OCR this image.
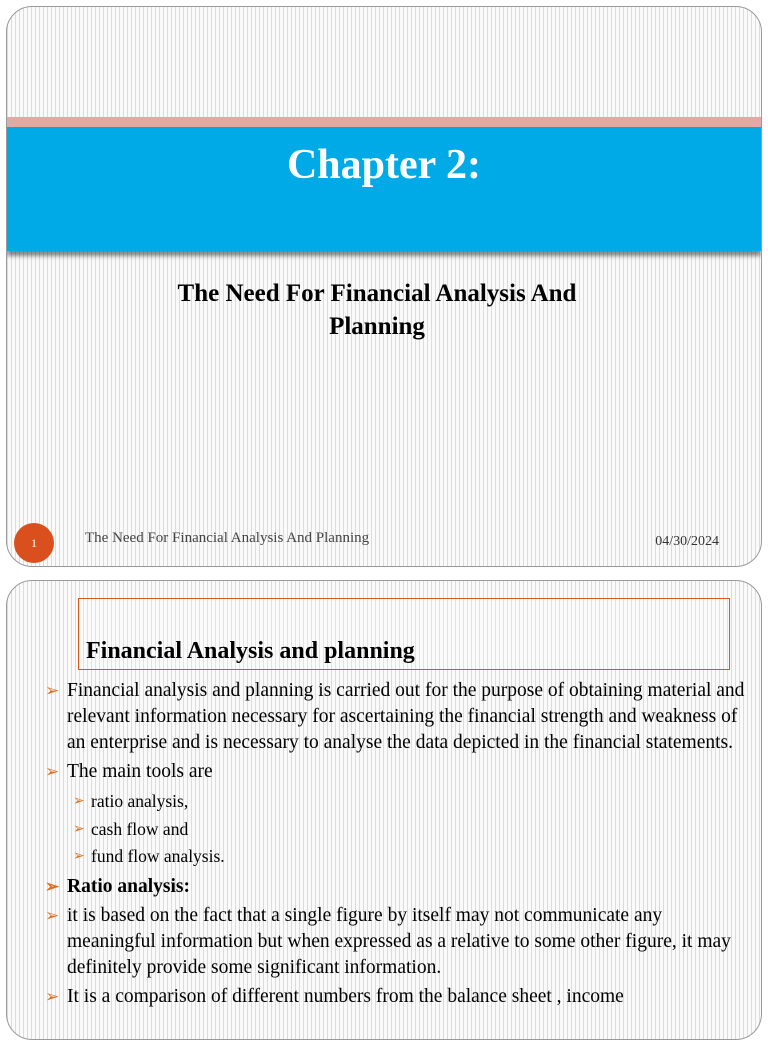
Chapter 2:
The Need For Financial Analysis And Planning
1	The Need For Financial Analysis And Planning	04/30/2024
Financial Analysis and planning
➢ Financial analysis and planning is carried out for the purpose of obtaining material and relevant information necessary for ascertaining the financial strength and weakness of an enterprise and is necessary to analyse the data depicted in the financial statements.
➢ The main tools are
➢ ratio analysis,
➢ cash flow and
➢ fund flow analysis.
➢ Ratio analysis:
➢ it is based on the fact that a single figure by itself may not communicate any meaningful information but when expressed as a relative to some other figure, it may definitely provide some significant information.
➢ It is a comparison of different numbers from the balance sheet , income
